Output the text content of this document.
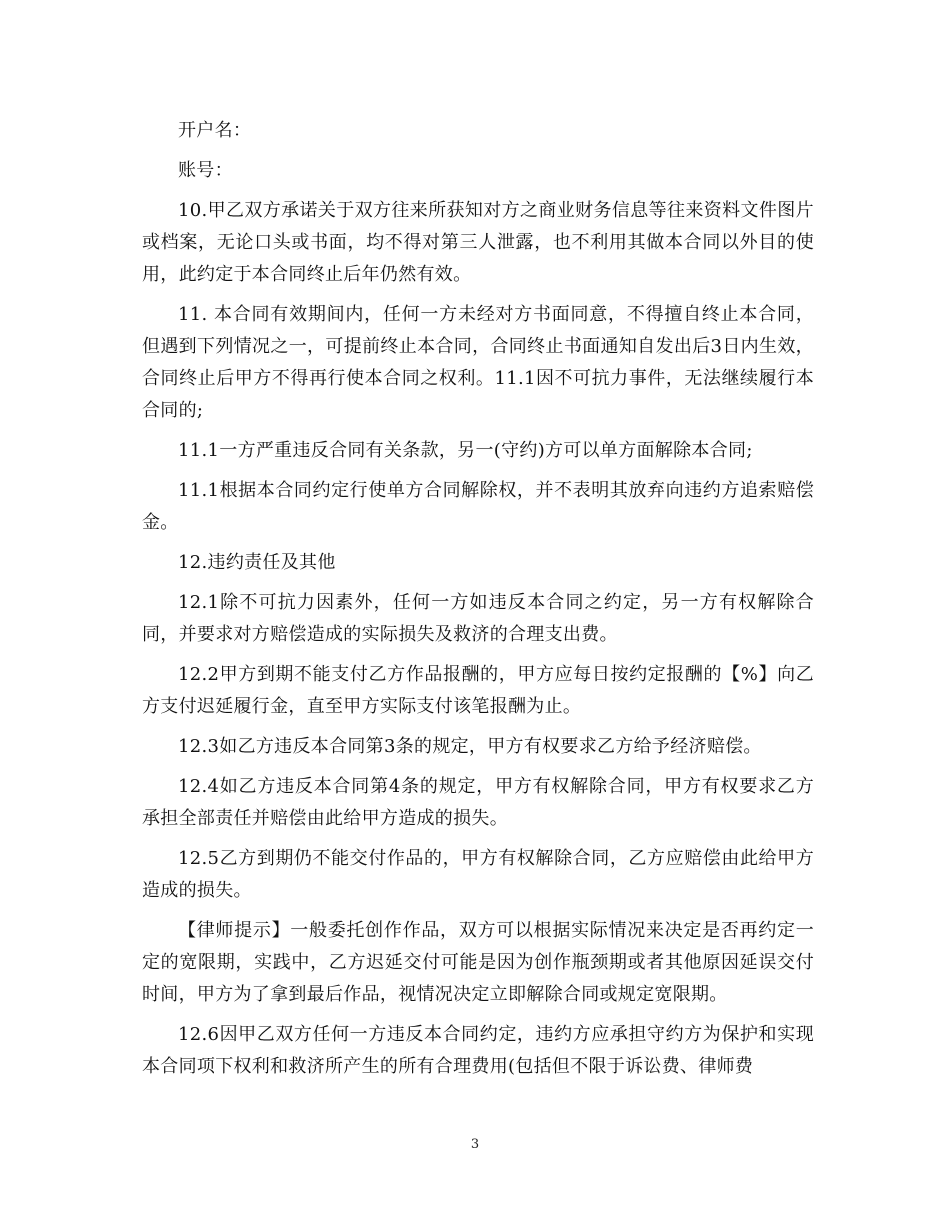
开户名：

账号：

10.甲乙双方承诺关于双方往来所获知对方之商业财务信息等往来资料文件图片或档案，无论口头或书面，均不得对第三人泄露，也不利用其做本合同以外目的使用，此约定于本合同终止后年仍然有效。

11. 本合同有效期间内，任何一方未经对方书面同意，不得擅自终止本合同，但遇到下列情况之一，可提前终止本合同，合同终止书面通知自发出后3日内生效，合同终止后甲方不得再行使本合同之权利。11.1因不可抗力事件，无法继续履行本合同的;

11.1一方严重违反合同有关条款，另一(守约)方可以单方面解除本合同;

11.1根据本合同约定行使单方合同解除权，并不表明其放弃向违约方追索赔偿金。

12.违约责任及其他

12.1除不可抗力因素外，任何一方如违反本合同之约定，另一方有权解除合同，并要求对方赔偿造成的实际损失及救济的合理支出费。

12.2甲方到期不能支付乙方作品报酬的，甲方应每日按约定报酬的【%】向乙方支付迟延履行金，直至甲方实际支付该笔报酬为止。

12.3如乙方违反本合同第3条的规定，甲方有权要求乙方给予经济赔偿。

12.4如乙方违反本合同第4条的规定，甲方有权解除合同，甲方有权要求乙方承担全部责任并赔偿由此给甲方造成的损失。

12.5乙方到期仍不能交付作品的，甲方有权解除合同，乙方应赔偿由此给甲方造成的损失。

【律师提示】一般委托创作作品，双方可以根据实际情况来决定是否再约定一定的宽限期，实践中，乙方迟延交付可能是因为创作瓶颈期或者其他原因延误交付时间，甲方为了拿到最后作品，视情况决定立即解除合同或规定宽限期。

12.6因甲乙双方任何一方违反本合同约定，违约方应承担守约方为保护和实现本合同项下权利和救济所产生的所有合理费用(包括但不限于诉讼费、律师费

3
